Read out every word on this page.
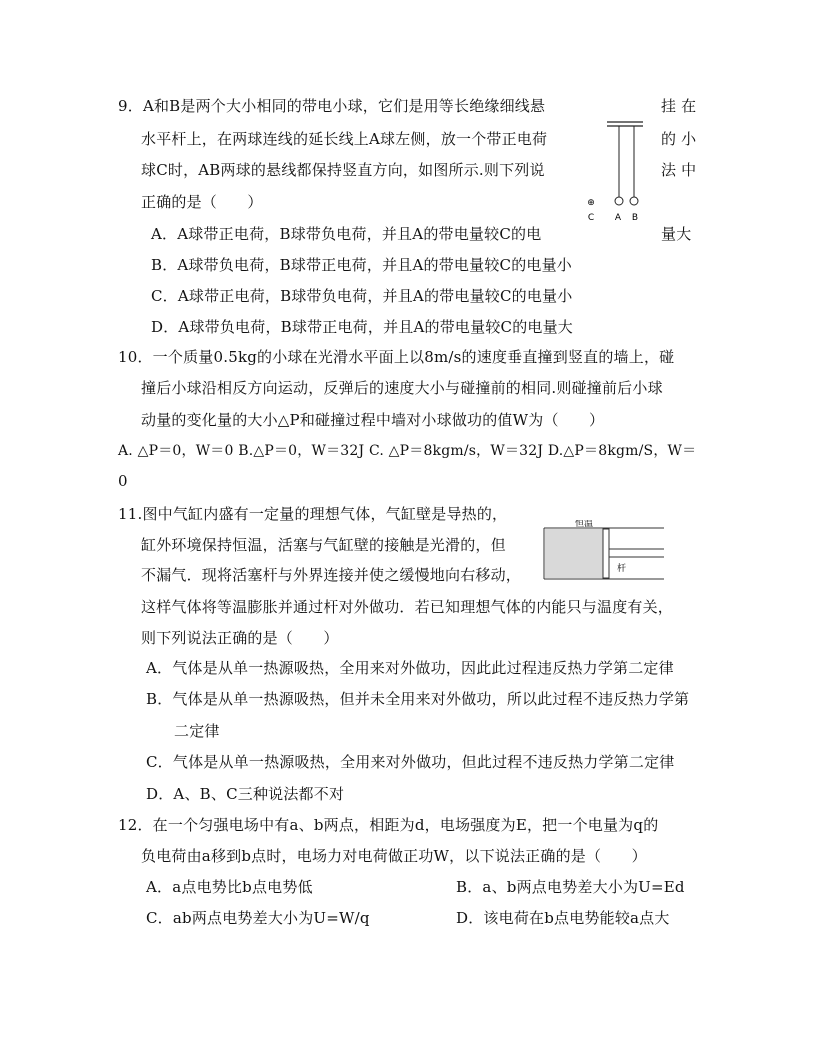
9．A和B是两个大小相同的带电小球，它们是用等长绝缘细线悬
水平杆上，在两球连线的延长线上A球左侧，放一个带正电荷
球C时，AB两球的悬线都保持竖直方向，如图所示.则下列说
正确的是（　　）
挂 在
的 小
法 中
⊕
C A B
A．A球带正电荷，B球带负电荷，并且A的带电量较C的电	量大
B．A球带负电荷，B球带正电荷，并且A的带电量较C的电量小
C．A球带正电荷，B球带负电荷，并且A的带电量较C的电量小
D．A球带负电荷，B球带正电荷，并且A的带电量较C的电量大
10．一个质量0.5kg的小球在光滑水平面上以8m/s的速度垂直撞到竖直的墙上，碰
撞后小球沿相反方向运动，反弹后的速度大小与碰撞前的相同.则碰撞前后小球
动量的变化量的大小△P和碰撞过程中墙对小球做功的值W为（　　）
A. △P＝0，W＝0 B.△P＝0，W＝32J C. △P＝8kgm/s，W＝32J D.△P＝8kgm/S，W＝
0
11.图中气缸内盛有一定量的理想气体，气缸壁是导热的，
缸外环境保持恒温，活塞与气缸壁的接触是光滑的，但
不漏气．现将活塞杆与外界连接并使之缓慢地向右移动，
这样气体将等温膨胀并通过杆对外做功．若已知理想气体的内能只与温度有关，
则下列说法正确的是（　　）
恒温
杆
A．气体是从单一热源吸热，全用来对外做功，因此此过程违反热力学第二定律
B．气体是从单一热源吸热，但并未全用来对外做功，所以此过程不违反热力学第
二定律
C．气体是从单一热源吸热，全用来对外做功，但此过程不违反热力学第二定律
D．A、B、C三种说法都不对
12．在一个匀强电场中有a、b两点，相距为d，电场强度为E，把一个电量为q的
负电荷由a移到b点时，电场力对电荷做正功W，以下说法正确的是（　　）
A．a点电势比b点电势低	B．a、b两点电势差大小为U=Ed
C．ab两点电势差大小为U=W/q	D．该电荷在b点电势能较a点大
